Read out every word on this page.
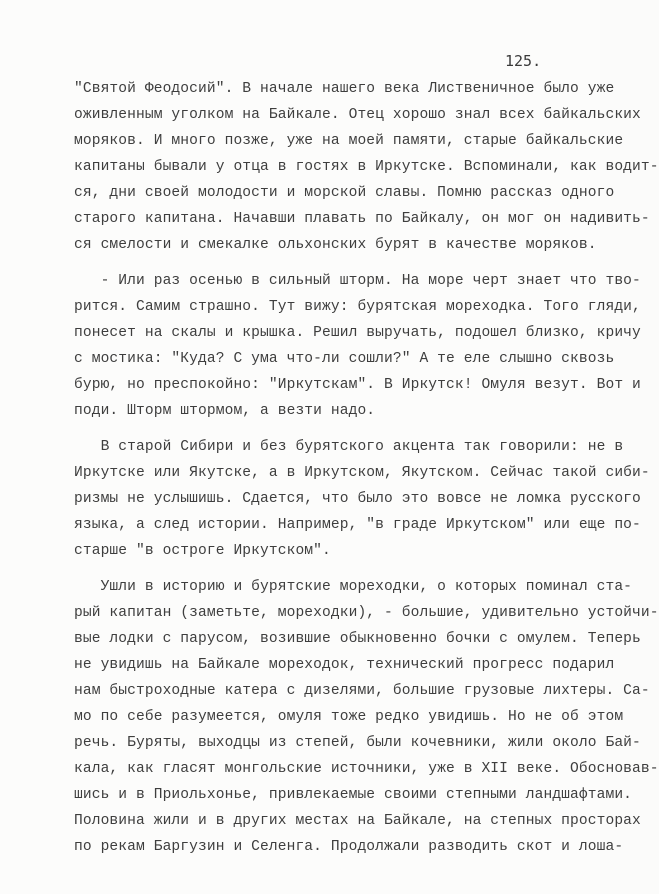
125.
"Святой Феодосий". В начале нашего века Лиственичное было уже
оживленным уголком на Байкале. Отец хорошо знал всех байкальских
моряков. И много позже, уже на моей памяти, старые байкальские
капитаны бывали у отца в гостях в Иркутске. Вспоминали, как водит-
ся, дни своей молодости и морской славы. Помню рассказ одного
старого капитана. Начавши плавать по Байкалу, он мог он надивить-
ся смелости и смекалке ольхонских бурят в качестве моряков.
- Или раз осенью в сильный шторм. На море черт знает что тво-
рится. Самим страшно. Тут вижу: бурятская мореходка. Того гляди,
понесет на скалы и крышка. Решил выручать, подошел близко, кричу
с мостика: "Куда? С ума что-ли сошли?" А те еле слышно сквозь
бурю, но преспокойно: "Иркутскам". В Иркутск! Омуля везут. Вот и
поди. Шторм штормом, а везти надо.
В старой Сибири и без бурятского акцента так говорили: не в
Иркутске или Якутске, а в Иркутском, Якутском. Сейчас такой сиби-
ризмы не услышишь. Сдается, что было это вовсе не ломка русского
языка, а след истории. Например, "в граде Иркутском" или еще по-
старше "в остроге Иркутском".
Ушли в историю и бурятские мореходки, о которых поминал ста-
рый капитан (заметьте, мореходки), - большие, удивительно устойчи-
вые лодки с парусом, возившие обыкновенно бочки с омулем. Теперь
не увидишь на Байкале мореходок, технический прогресс подарил
нам быстроходные катера с дизелями, большие грузовые лихтеры. Са-
мо по себе разумеется, омуля тоже редко увидишь. Но не об этом
речь. Буряты, выходцы из степей, были кочевники, жили около Бай-
кала, как гласят монгольские источники, уже в XII веке. Обосновав-
шись и в Приольхонье, привлекаемые своими степными ландшафтами.
Половина жили и в других местах на Байкале, на степных просторах
по рекам Баргузин и Селенга. Продолжали разводить скот и лоша-
